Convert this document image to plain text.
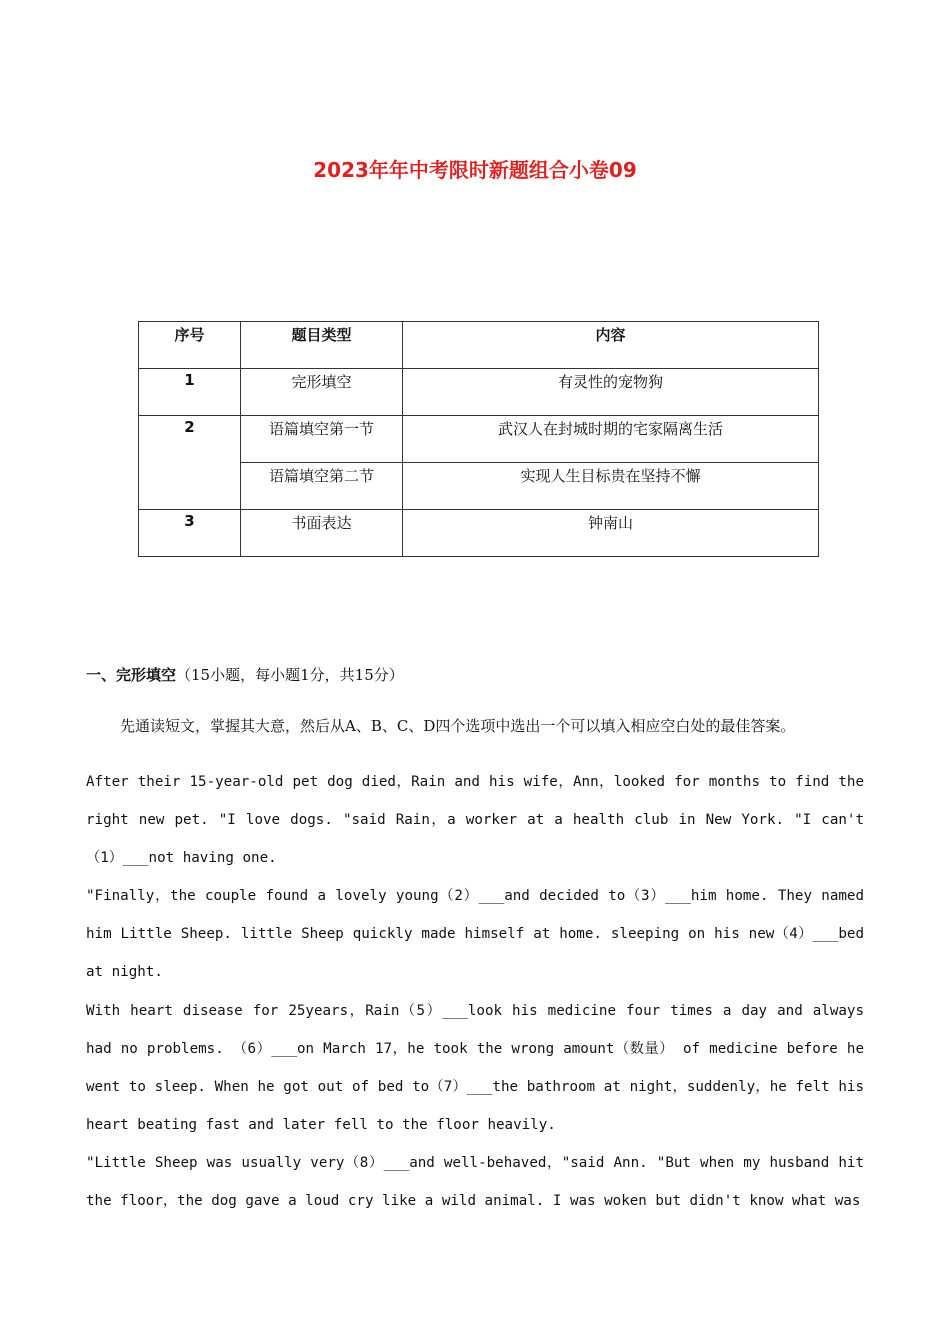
2023年年中考限时新题组合小卷09
序号	题目类型	内容
1	完形填空	有灵性的宠物狗
2	语篇填空第一节	武汉人在封城时期的宅家隔离生活
	语篇填空第二节	实现人生目标贵在坚持不懈
3	书面表达	钟南山
一、完形填空（15小题，每小题1分，共15分）
先通读短文，掌握其大意，然后从A、B、C、D四个选项中选出一个可以填入相应空白处的最佳答案。

After their 15-year-old pet dog died，Rain and his wife，Ann，looked for months to find the right new pet. "I love dogs. "said Rain，a worker at a health club in New York. "I can't （1）___not having one.

"Finally，the couple found a lovely young（2）___and decided to（3）___him home. They named him Little Sheep. little Sheep quickly made himself at home. sleeping on his new（4）___bed at night.

With heart disease for 25years，Rain（5）___look his medicine four times a day and always had no problems. （6）___on March 17，he took the wrong amount（数量） of medicine before he went to sleep. When he got out of bed to（7）___the bathroom at night，suddenly，he felt his heart beating fast and later fell to the floor heavily.

"Little Sheep was usually very（8）___and well-behaved，"said Ann. "But when my husband hit the floor，the dog gave a loud cry like a wild animal. I was woken but didn't know what was
